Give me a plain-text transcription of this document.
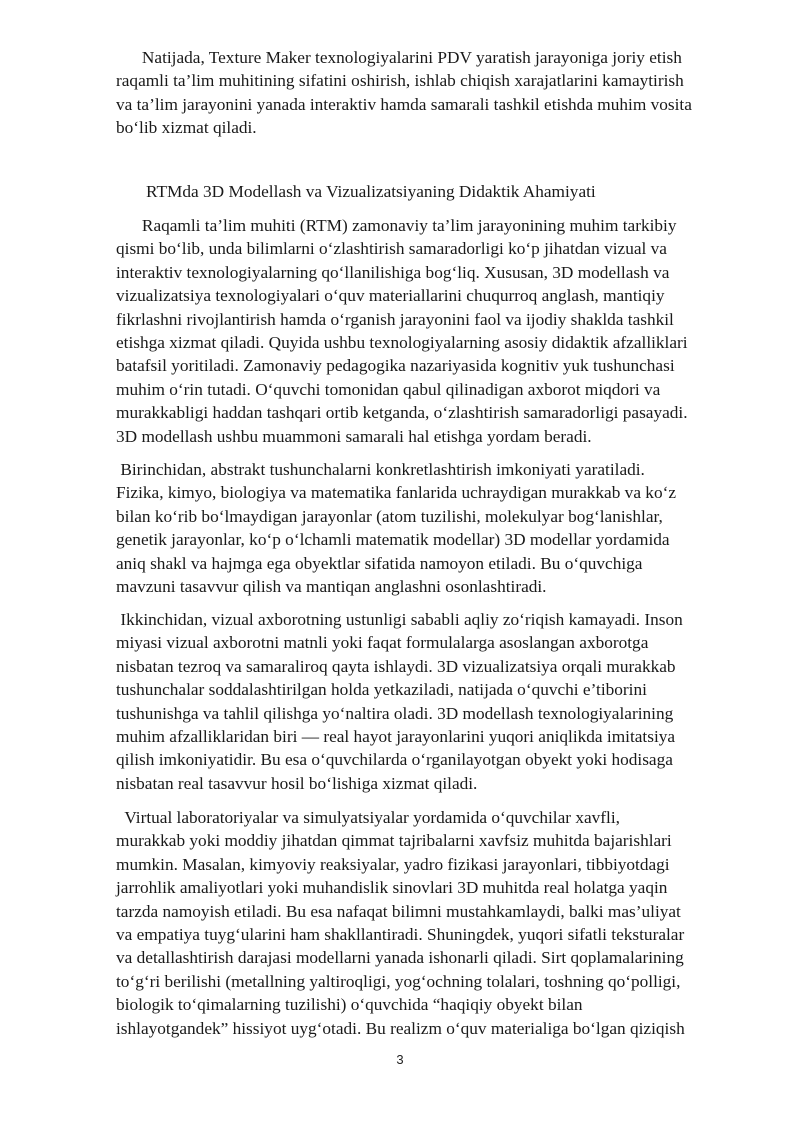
Natijada, Texture Maker texnologiyalarini PDV yaratish jarayoniga joriy etish
raqamli ta’lim muhitining sifatini oshirish, ishlab chiqish xarajatlarini kamaytirish
va ta’lim jarayonini yanada interaktiv hamda samarali tashkil etishda muhim vosita
bo‘lib xizmat qiladi.

RTMda 3D Modellash va Vizualizatsiyaning Didaktik Ahamiyati

Raqamli ta’lim muhiti (RTM) zamonaviy ta’lim jarayonining muhim tarkibiy
qismi bo‘lib, unda bilimlarni o‘zlashtirish samaradorligi ko‘p jihatdan vizual va
interaktiv texnologiyalarning qo‘llanilishiga bog‘liq. Xususan, 3D modellash va
vizualizatsiya texnologiyalari o‘quv materiallarini chuqurroq anglash, mantiqiy
fikrlashni rivojlantirish hamda o‘rganish jarayonini faol va ijodiy shaklda tashkil
etishga xizmat qiladi. Quyida ushbu texnologiyalarning asosiy didaktik afzalliklari
batafsil yoritiladi. Zamonaviy pedagogika nazariyasida kognitiv yuk tushunchasi
muhim o‘rin tutadi. O‘quvchi tomonidan qabul qilinadigan axborot miqdori va
murakkabligi haddan tashqari ortib ketganda, o‘zlashtirish samaradorligi pasayadi.
3D modellash ushbu muammoni samarali hal etishga yordam beradi.

Birinchidan, abstrakt tushunchalarni konkretlashtirish imkoniyati yaratiladi.
Fizika, kimyo, biologiya va matematika fanlarida uchraydigan murakkab va ko‘z
bilan ko‘rib bo‘lmaydigan jarayonlar (atom tuzilishi, molekulyar bog‘lanishlar,
genetik jarayonlar, ko‘p o‘lchamli matematik modellar) 3D modellar yordamida
aniq shakl va hajmga ega obyektlar sifatida namoyon etiladi. Bu o‘quvchiga
mavzuni tasavvur qilish va mantiqan anglashni osonlashtiradi.

Ikkinchidan, vizual axborotning ustunligi sababli aqliy zo‘riqish kamayadi. Inson
miyasi vizual axborotni matnli yoki faqat formulalarga asoslangan axborotga
nisbatan tezroq va samaraliroq qayta ishlaydi. 3D vizualizatsiya orqali murakkab
tushunchalar soddalashtirilgan holda yetkaziladi, natijada o‘quvchi e’tiborini
tushunishga va tahlil qilishga yo‘naltira oladi. 3D modellash texnologiyalarining
muhim afzalliklaridan biri — real hayot jarayonlarini yuqori aniqlikda imitatsiya
qilish imkoniyatidir. Bu esa o‘quvchilarda o‘rganilayotgan obyekt yoki hodisaga
nisbatan real tasavvur hosil bo‘lishiga xizmat qiladi.

Virtual laboratoriyalar va simulyatsiyalar yordamida o‘quvchilar xavfli,
murakkab yoki moddiy jihatdan qimmat tajribalarni xavfsiz muhitda bajarishlari
mumkin. Masalan, kimyoviy reaksiyalar, yadro fizikasi jarayonlari, tibbiyotdagi
jarrohlik amaliyotlari yoki muhandislik sinovlari 3D muhitda real holatga yaqin
tarzda namoyish etiladi. Bu esa nafaqat bilimni mustahkamlaydi, balki mas’uliyat
va empatiya tuyg‘ularini ham shakllantiradi. Shuningdek, yuqori sifatli teksturalar
va detallashtirish darajasi modellarni yanada ishonarli qiladi. Sirt qoplamalarining
to‘g‘ri berilishi (metallning yaltiroqligi, yog‘ochning tolalari, toshning qo‘polligi,
biologik to‘qimalarning tuzilishi) o‘quvchida “haqiqiy obyekt bilan
ishlayotgandek” hissiyot uyg‘otadi. Bu realizm o‘quv materialiga bo‘lgan qiziqish

3
